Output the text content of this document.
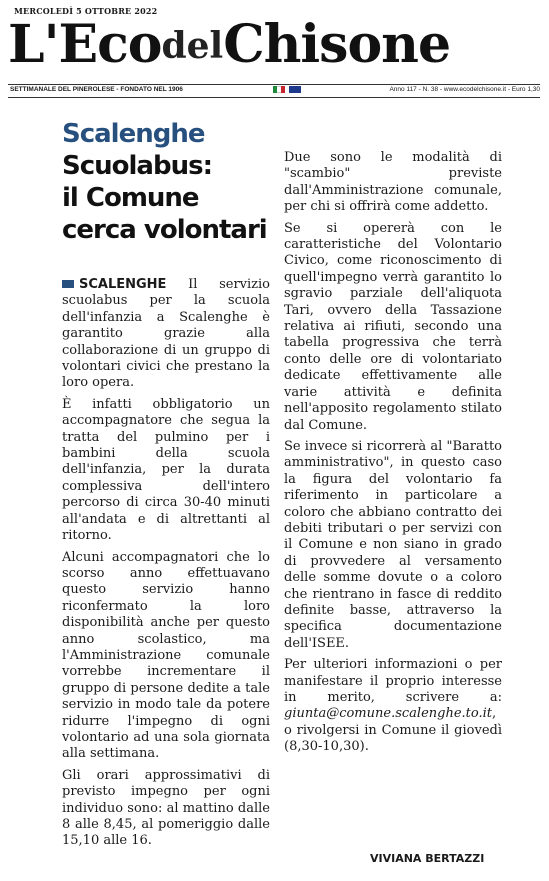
MERCOLEDÌ 5 OTTOBRE 2022
L'EcodelChisone
SETTIMANALE DEL PINEROLESE - FONDATO NEL 1906	Anno 117 - N. 38 - www.ecodelchisone.it - Euro 1,30
Scalenghe
Scuolabus:
il Comune
cerca volontari

SCALENGHE Il servizio scuolabus per la scuola dell'infanzia a Scalenghe è garantito grazie alla collaborazione di un gruppo di volontari civici che prestano la loro opera.

È infatti obbligatorio un accompagnatore che segua la tratta del pulmino per i bambini della scuola dell'infanzia, per la durata complessiva dell'intero percorso di circa 30-40 minuti all'andata e di altrettanti al ritorno.

Alcuni accompagnatori che lo scorso anno effettuavano questo servizio hanno riconfermato la loro disponibilità anche per questo anno scolastico, ma l'Amministrazione comunale vorrebbe incrementare il gruppo di persone dedite a tale servizio in modo tale da potere ridurre l'impegno di ogni volontario ad una sola giornata alla settimana.

Gli orari approssimativi di previsto impegno per ogni individuo sono: al mattino dalle 8 alle 8,45, al pomeriggio dalle 15,10 alle 16.

Due sono le modalità di "scambio" previste dall'Amministrazione comunale, per chi si offrirà come addetto.

Se si opererà con le caratteristiche del Volontario Civico, come riconoscimento di quell'impegno verrà garantito lo sgravio parziale dell'aliquota Tari, ovvero della Tassazione relativa ai rifiuti, secondo una tabella progressiva che terrà conto delle ore di volontariato dedicate effettivamente alle varie attività e definita nell'apposito regolamento stilato dal Comune.

Se invece si ricorrerà al "Baratto amministrativo", in questo caso la figura del volontario fa riferimento in particolare a coloro che abbiano contratto dei debiti tributari o per servizi con il Comune e non siano in grado di provvedere al versamento delle somme dovute o a coloro che rientrano in fasce di reddito definite basse, attraverso la specifica documentazione dell'ISEE.

Per ulteriori informazioni o per manifestare il proprio interesse in merito, scrivere a: giunta@comune.scalenghe.to.it, o rivolgersi in Comune il giovedì (8,30-10,30).

VIVIANA BERTAZZI
